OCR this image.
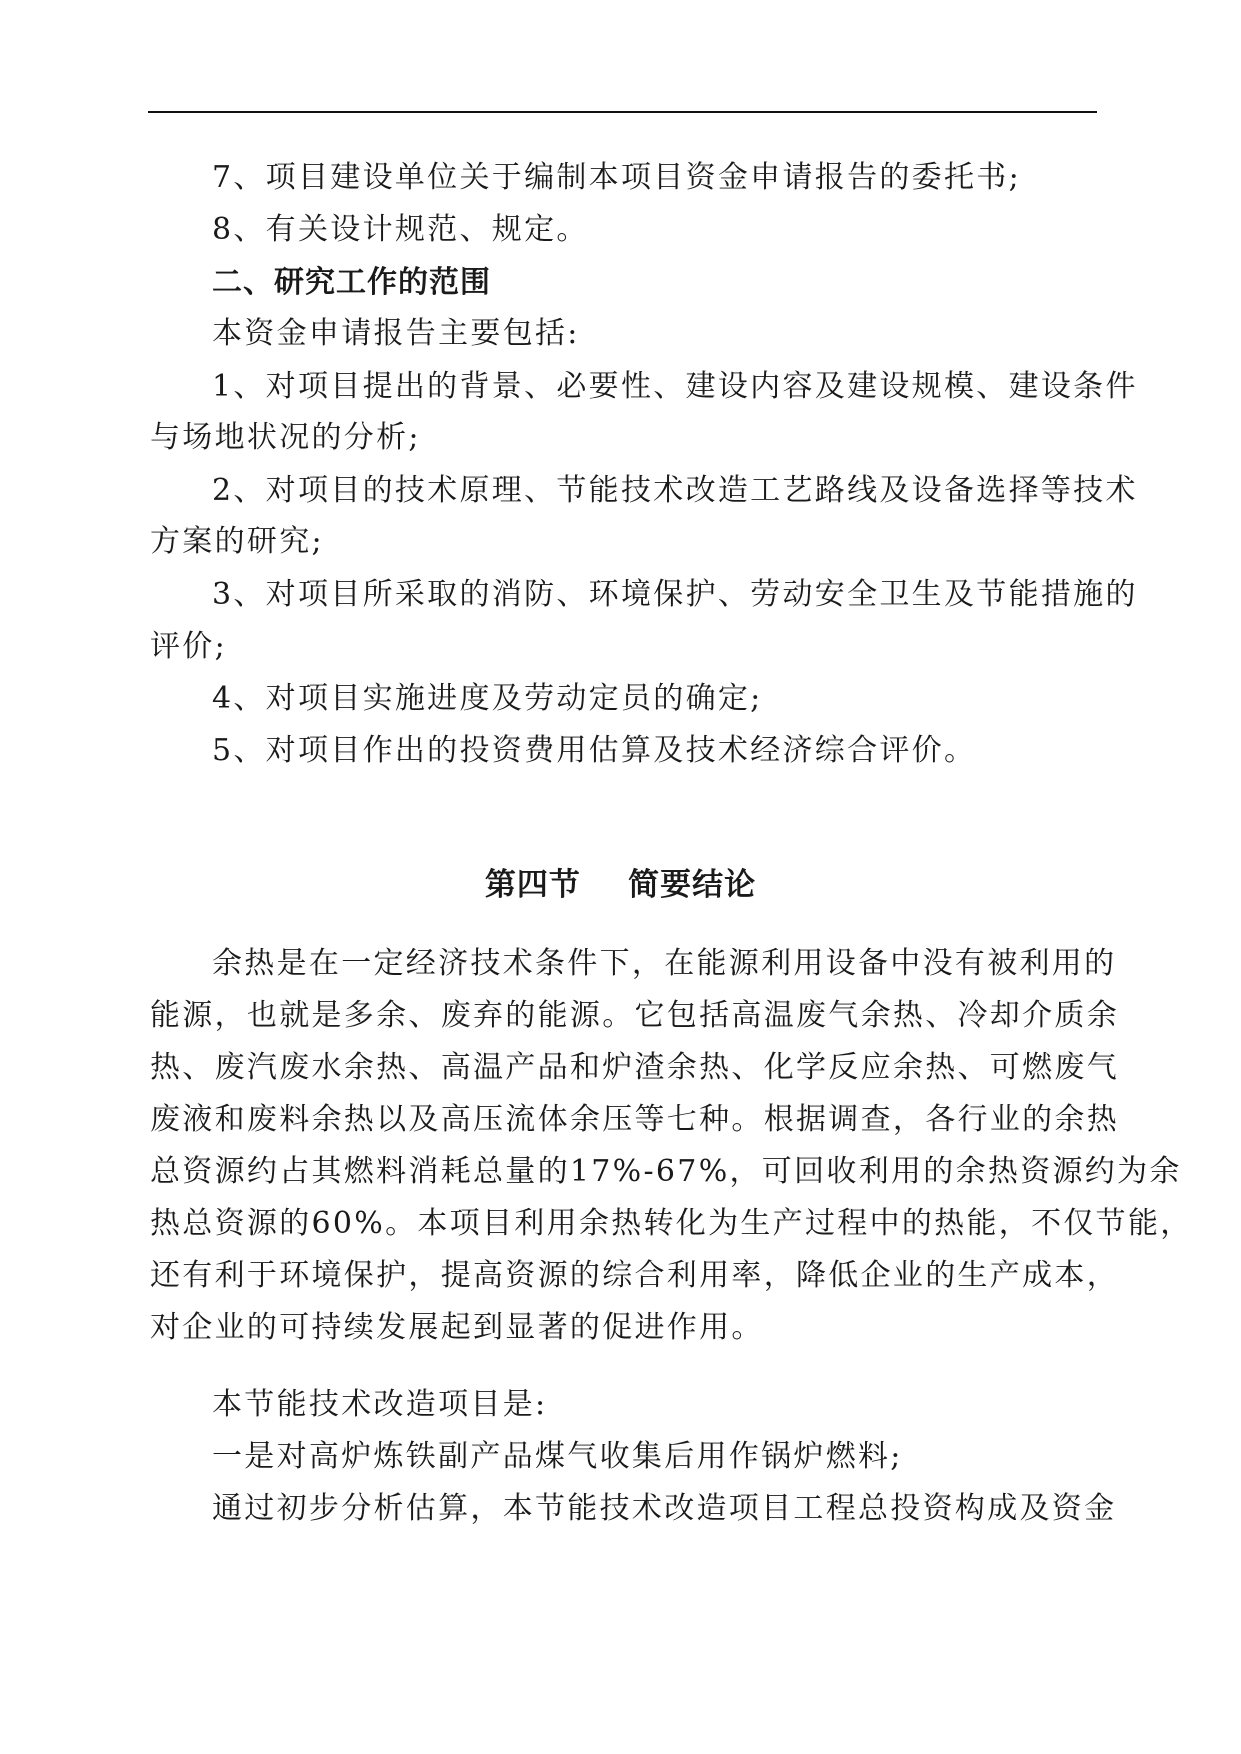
7、项目建设单位关于编制本项目资金申请报告的委托书;
8、有关设计规范、规定。
二、研究工作的范围
本资金申请报告主要包括:
1、对项目提出的背景、必要性、建设内容及建设规模、建设条件
与场地状况的分析;
2、对项目的技术原理、节能技术改造工艺路线及设备选择等技术
方案的研究;
3、对项目所采取的消防、环境保护、劳动安全卫生及节能措施的
评价;
4、对项目实施进度及劳动定员的确定;
5、对项目作出的投资费用估算及技术经济综合评价。
第四节    简要结论
余热是在一定经济技术条件下，在能源利用设备中没有被利用的
能源，也就是多余、废弃的能源。它包括高温废气余热、冷却介质余
热、废汽废水余热、高温产品和炉渣余热、化学反应余热、可燃废气
废液和废料余热以及高压流体余压等七种。根据调查，各行业的余热
总资源约占其燃料消耗总量的17%-67%，可回收利用的余热资源约为余
热总资源的60%。本项目利用余热转化为生产过程中的热能，不仅节能，
还有利于环境保护，提高资源的综合利用率，降低企业的生产成本，
对企业的可持续发展起到显著的促进作用。
本节能技术改造项目是:
一是对高炉炼铁副产品煤气收集后用作锅炉燃料;
通过初步分析估算，本节能技术改造项目工程总投资构成及资金
